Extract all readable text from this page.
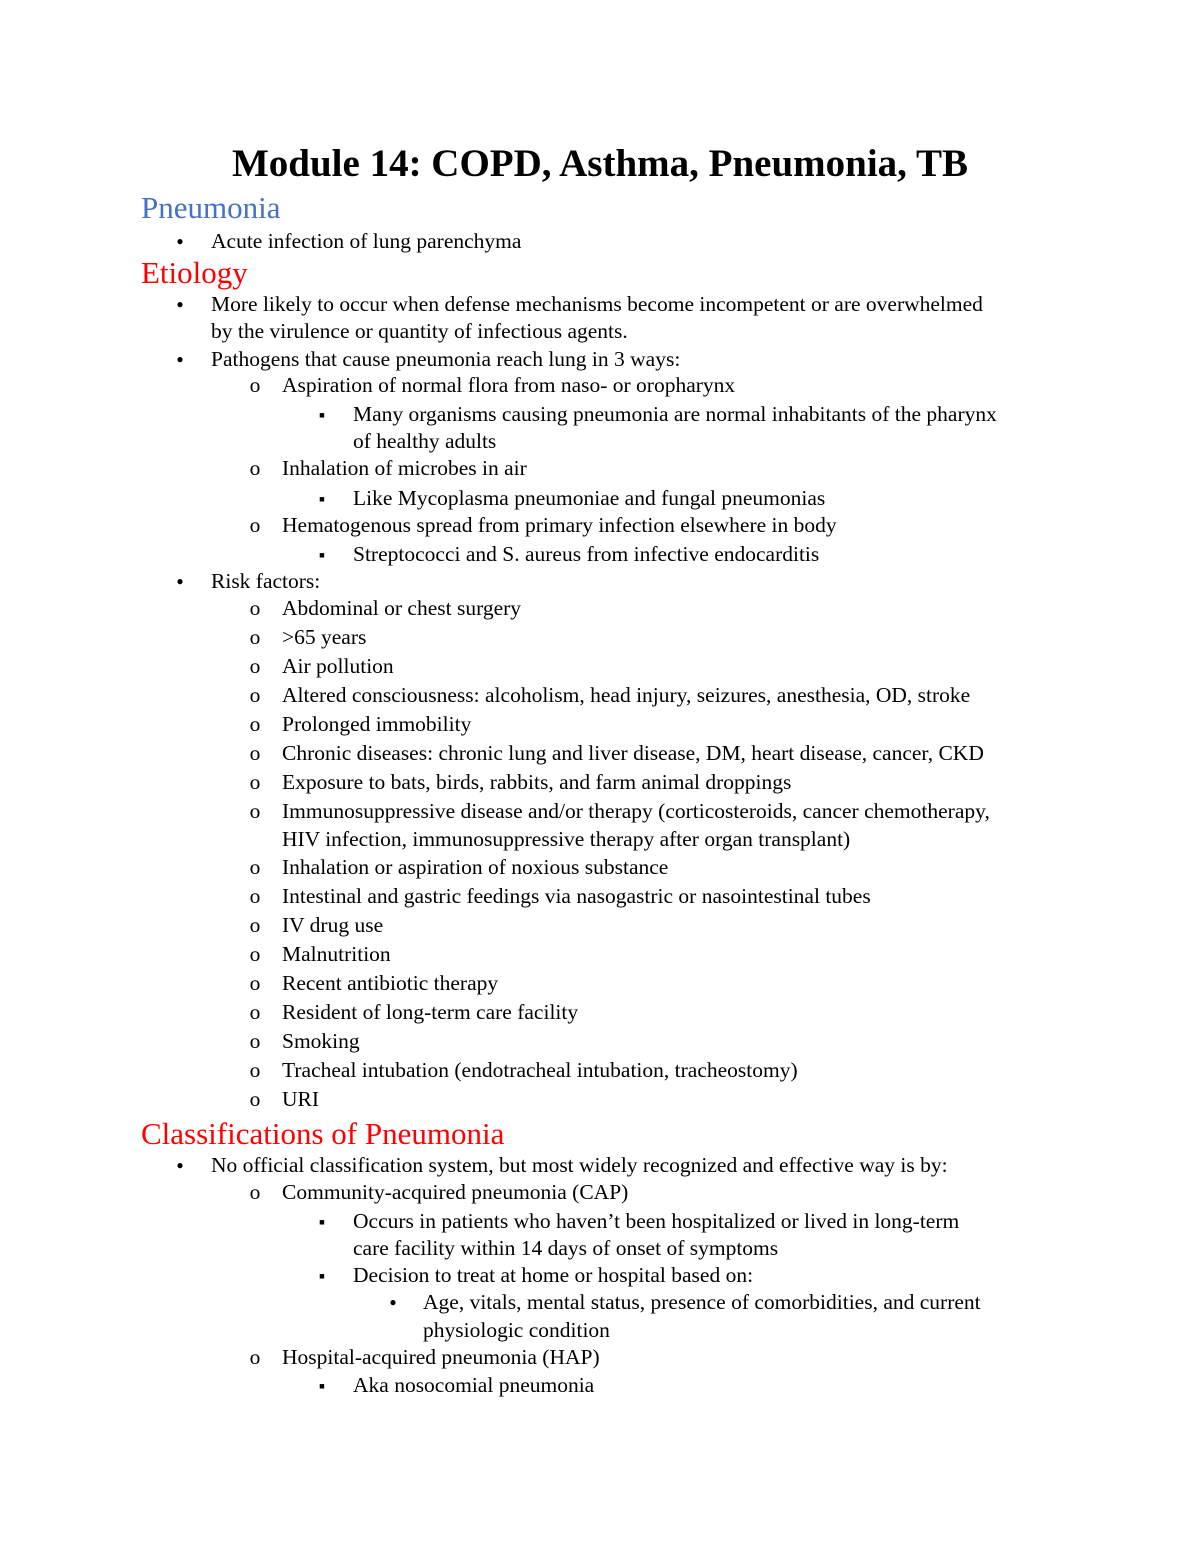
Module 14: COPD, Asthma, Pneumonia, TB
Pneumonia
●
Acute infection of lung parenchyma
Etiology
●
More likely to occur when defense mechanisms become incompetent or are overwhelmed
by the virulence or quantity of infectious agents.
●
Pathogens that cause pneumonia reach lung in 3 ways:
o Aspiration of normal flora from naso- or oropharynx
▪
Many organisms causing pneumonia are normal inhabitants of the pharynx
of healthy adults
o Inhalation of microbes in air
▪
Like Mycoplasma pneumoniae and fungal pneumonias
o Hematogenous spread from primary infection elsewhere in body
▪
Streptococci and S. aureus from infective endocarditis
●
Risk factors:
o Abdominal or chest surgery
o >65 years
o Air pollution
o Altered consciousness: alcoholism, head injury, seizures, anesthesia, OD, stroke
o Prolonged immobility
o Chronic diseases: chronic lung and liver disease, DM, heart disease, cancer, CKD
o Exposure to bats, birds, rabbits, and farm animal droppings
o Immunosuppressive disease and/or therapy (corticosteroids, cancer chemotherapy,
HIV infection, immunosuppressive therapy after organ transplant)
o Inhalation or aspiration of noxious substance
o Intestinal and gastric feedings via nasogastric or nasointestinal tubes
o IV drug use
o Malnutrition
o Recent antibiotic therapy
o Resident of long-term care facility
o Smoking
o Tracheal intubation (endotracheal intubation, tracheostomy)
o URI
Classifications of Pneumonia
●
No official classification system, but most widely recognized and effective way is by:
o Community-acquired pneumonia (CAP)
▪
Occurs in patients who haven’t been hospitalized or lived in long-term
care facility within 14 days of onset of symptoms
▪
Decision to treat at home or hospital based on:
●
Age, vitals, mental status, presence of comorbidities, and current
physiologic condition
o Hospital-acquired pneumonia (HAP)
▪
Aka nosocomial pneumonia
